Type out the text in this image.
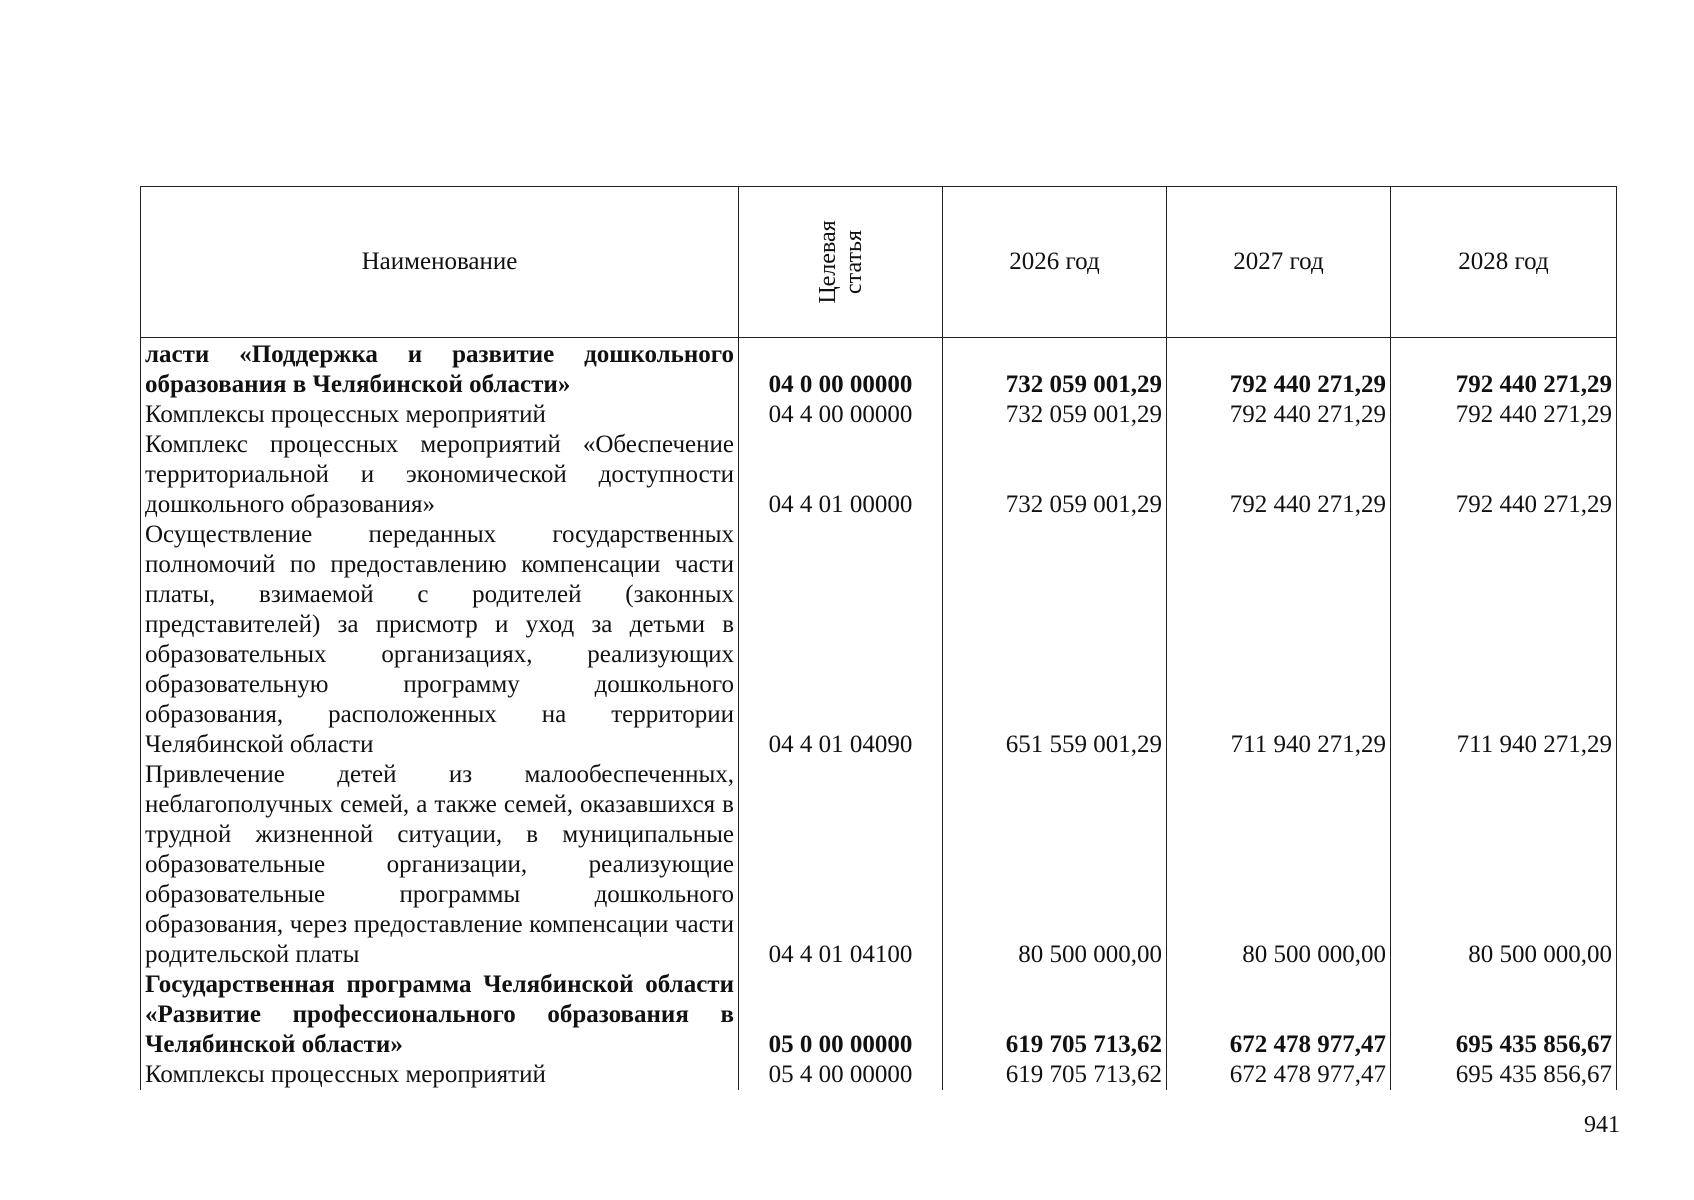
Наименование	Целевая статья	2026 год	2027 год	2028 год
ласти «Поддержка и развитие дошкольного образования в Челябинской области»	04 0 00 00000	732 059 001,29	792 440 271,29	792 440 271,29
Комплексы процессных мероприятий	04 4 00 00000	732 059 001,29	792 440 271,29	792 440 271,29
Комплекс процессных мероприятий «Обеспечение территориальной и экономической доступности дошкольного образования»	04 4 01 00000	732 059 001,29	792 440 271,29	792 440 271,29
Осуществление переданных государственных полномочий по предоставлению компенсации части платы, взимаемой с родителей (законных представителей) за присмотр и уход за детьми в образовательных организациях, реализующих образовательную программу дошкольного образования, расположенных на территории Челябинской области	04 4 01 04090	651 559 001,29	711 940 271,29	711 940 271,29
Привлечение детей из малообеспеченных, неблагополучных семей, а также семей, оказавшихся в трудной жизненной ситуации, в муниципальные образовательные организации, реализующие образовательные программы дошкольного образования, через предоставление компенсации части родительской платы	04 4 01 04100	80 500 000,00	80 500 000,00	80 500 000,00
Государственная программа Челябинской области «Развитие профессионального образования в Челябинской области»	05 0 00 00000	619 705 713,62	672 478 977,47	695 435 856,67
Комплексы процессных мероприятий	05 4 00 00000	619 705 713,62	672 478 977,47	695 435 856,67
941
